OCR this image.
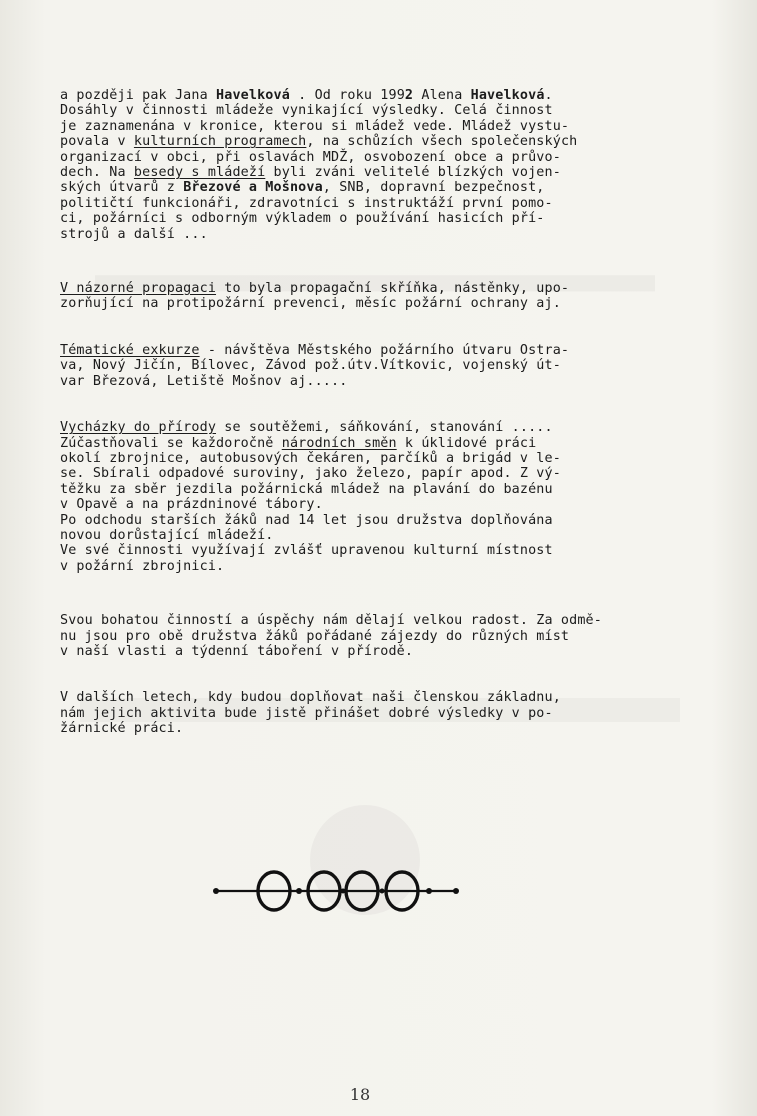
a později pak Jana Havelková . Od roku 1992 Alena Havelková.

Dosáhly v činnosti mládeže vynikající výsledky. Celá činnost

je zaznamenána v kronice, kterou si mládež vede. Mládež vystu-

povala v kulturních programech, na schůzích všech společenských

organizací v obci, při oslavách MDŽ, osvobození obce a průvo-

dech. Na besedy s mládeží byli zváni velitelé blízkých vojen-

ských útvarů z Březové a Mošnova, SNB, dopravní bezpečnost,

političtí funkcionáři, zdravotníci s instruktáží první pomo-

ci, požárníci s odborným výkladem o používání hasicích pří-

strojů a další ...

V názorné propagaci to byla propagační skříňka, nástěnky, upo-

zorňující na protipožární prevenci, měsíc požární ochrany aj.

Tématické exkurze - návštěva Městského požárního útvaru Ostra-

va, Nový Jičín, Bílovec, Závod pož.útv.Vítkovic, vojenský út-

var Březová, Letiště Mošnov aj.....

Vycházky do přírody se soutěžemi, sáňkování, stanování .....

Zúčastňovali se každoročně národních směn k úklidové práci

okolí zbrojnice, autobusových čekáren, parčíků a brigád v le-

se. Sbírali odpadové suroviny, jako železo, papír apod. Z vý-

těžku za sběr jezdila požárnická mládež na plavání do bazénu

v Opavě a na prázdninové tábory.

Po odchodu starších žáků nad 14 let jsou družstva doplňována

novou dorůstající mládeží.

Ve své činnosti využívají zvlášť upravenou kulturní místnost

v požární zbrojnici.

Svou bohatou činností a úspěchy nám dělají velkou radost. Za odmě-

nu jsou pro obě družstva žáků pořádané zájezdy do různých míst

v naší vlasti a týdenní táboření v přírodě.

V dalších letech, kdy budou doplňovat naši členskou základnu,

nám jejich aktivita bude jistě přinášet dobré výsledky v po-

žárnické práci.

18
